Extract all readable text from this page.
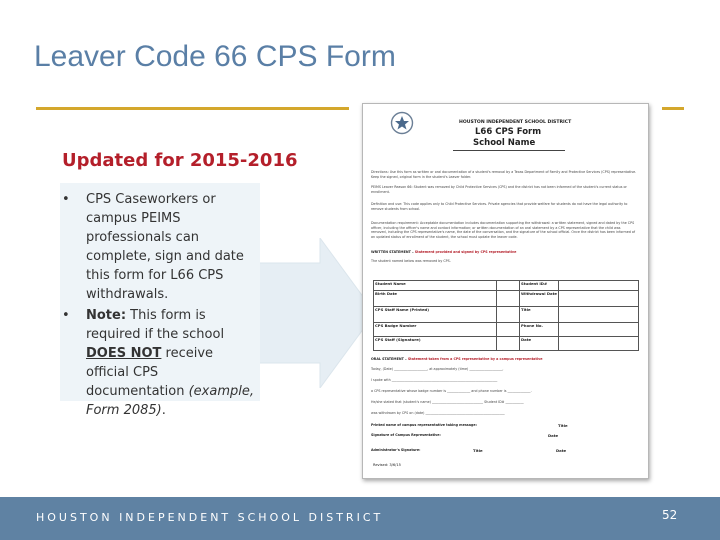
Leaver Code 66 CPS Form
Updated for 2015-2016

• CPS Caseworkers or campus PEIMS professionals can complete, sign and date this form for L66 CPS withdrawals.

• Note: This form is required if the school DOES NOT receive official CPS documentation (example, Form 2085).

HOUSTON INDEPENDENT SCHOOL DISTRICT
L66 CPS Form
School Name
Directions: Use this form as written or oral documentation of a student's removal by a Texas Department of Family and Protective Services (CPS) representative. Keep the signed, original form in the student's Leaver folder.
PEIMS Leaver Reason 66: Student was removed by Child Protective Services (CPS) and the district has not been informed of the student's current status or enrollment.
Definition and use: This code applies only to Child Protective Services. Private agencies that provide welfare for students do not have the legal authority to remove students from school.
Documentation requirement: Acceptable documentation includes documentation supporting the withdrawal: a written statement, signed and dated by the CPS officer, including the officer's name and contact information; or written documentation of an oral statement by a CPS representative that the child was removed, including the CPS representative's name, the date of the conversation, and the signature of the school official. Once the district has been informed of an updated status of enrollment of the student, the school must update the leaver code.
WRITTEN STATEMENT – Statement provided and signed by CPS representative
The student named below was removed by CPS.
Student Name		Student ID#	
Birth Date		Withdrawal Date	
CPS Staff Name (Printed)		Title	
CPS Badge Number		Phone No.	
CPS Staff (Signature)		Date	
ORAL STATEMENT – Statement taken from a CPS representative by a campus representative
Today, (Date) ____________________, at approximately (time) ____________________,
I spoke with ________________________________________________________________
a CPS representative whose badge number is ______________ and phone number is ______________.
He/she stated that (student's name) _______________________________ Student ID# ___________
was withdrawn by CPS on (date) ________________________________________________
Printed name of campus representative taking message:	Title
Signature of Campus Representative:	Date
Administrator's Signature:	Title	Date
Revised: 3/6/15
HOUSTON INDEPENDENT SCHOOL DISTRICT	52
